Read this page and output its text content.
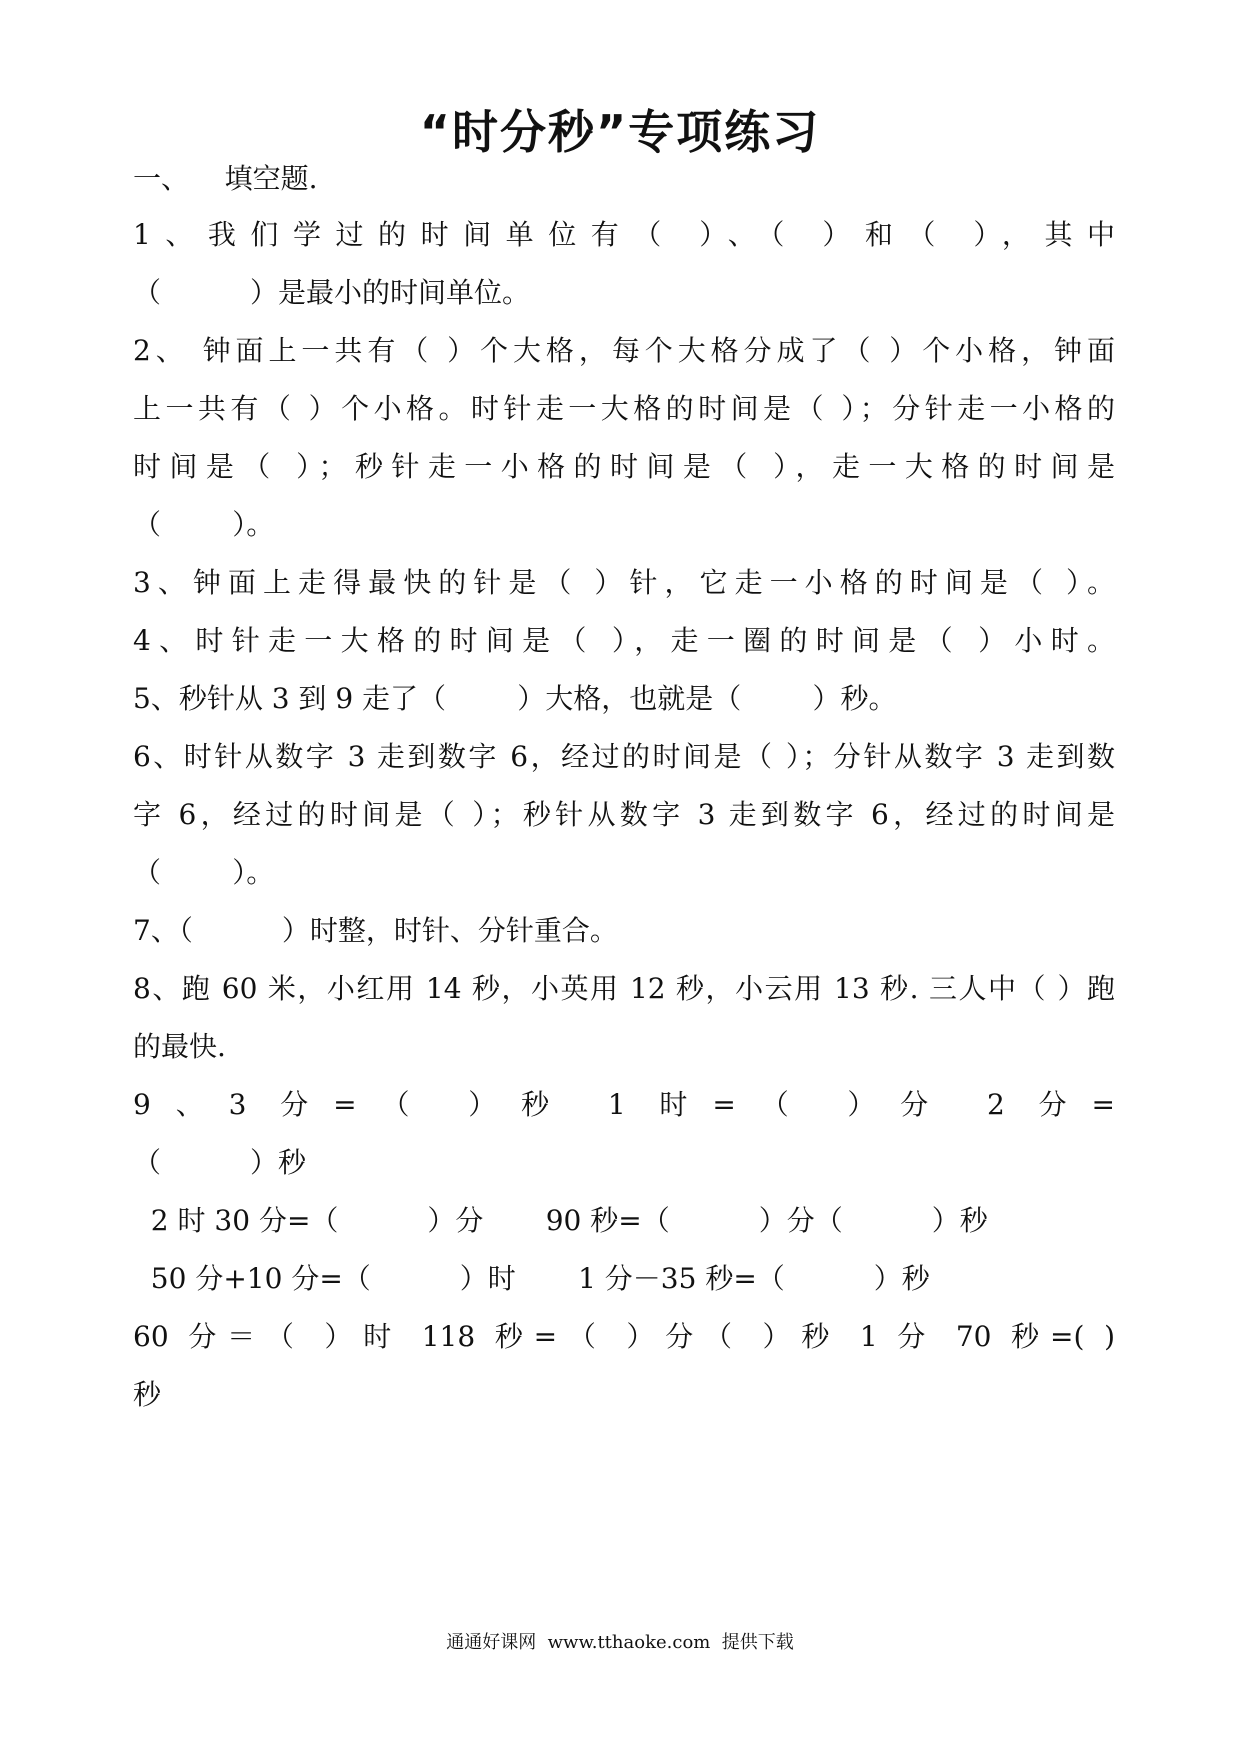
“时分秒”专项练习
一、    填空题.
1、我们学过的时间单位有（ ）、（ ）和（ ），其中
（          ）是最小的时间单位。
2、 钟面上一共有（ ）个大格，每个大格分成了（ ）个小格，钟面
上一共有（ ）个小格。时针走一大格的时间是（ ）；分针走一小格的
时间是（ ）；秒针走一小格的时间是（ ），走一大格的时间是
（        ）。
3、钟面上走得最快的针是（ ）针，它走一小格的时间是（ ）。
4、时针走一大格的时间是（ ），走一圈的时间是（ ）小时。
5、秒针从 3 到 9 走了（        ）大格，也就是（        ）秒。
6、时针从数字 3 走到数字 6，经过的时间是（ ）；分针从数字 3 走到数
字 6，经过的时间是（ ）；秒针从数字 3 走到数字 6，经过的时间是
（        ）。
7、（          ）时整，时针、分针重合。
8、跑 60 米，小红用 14 秒，小英用 12 秒，小云用 13 秒. 三人中（ ）跑
的最快.
9、3 分=（ ）秒 1 时=（ ）分 2 分=
（          ）秒
2 时 30 分=（          ）分       90 秒=（          ）分（          ）秒
50 分+10 分=（          ）时       1 分－35 秒=（          ）秒
60 分＝（ ）时 118 秒=（ ）分（ ）秒 1 分 70 秒=( )
秒
通通好课网  www.tthaoke.com  提供下载
